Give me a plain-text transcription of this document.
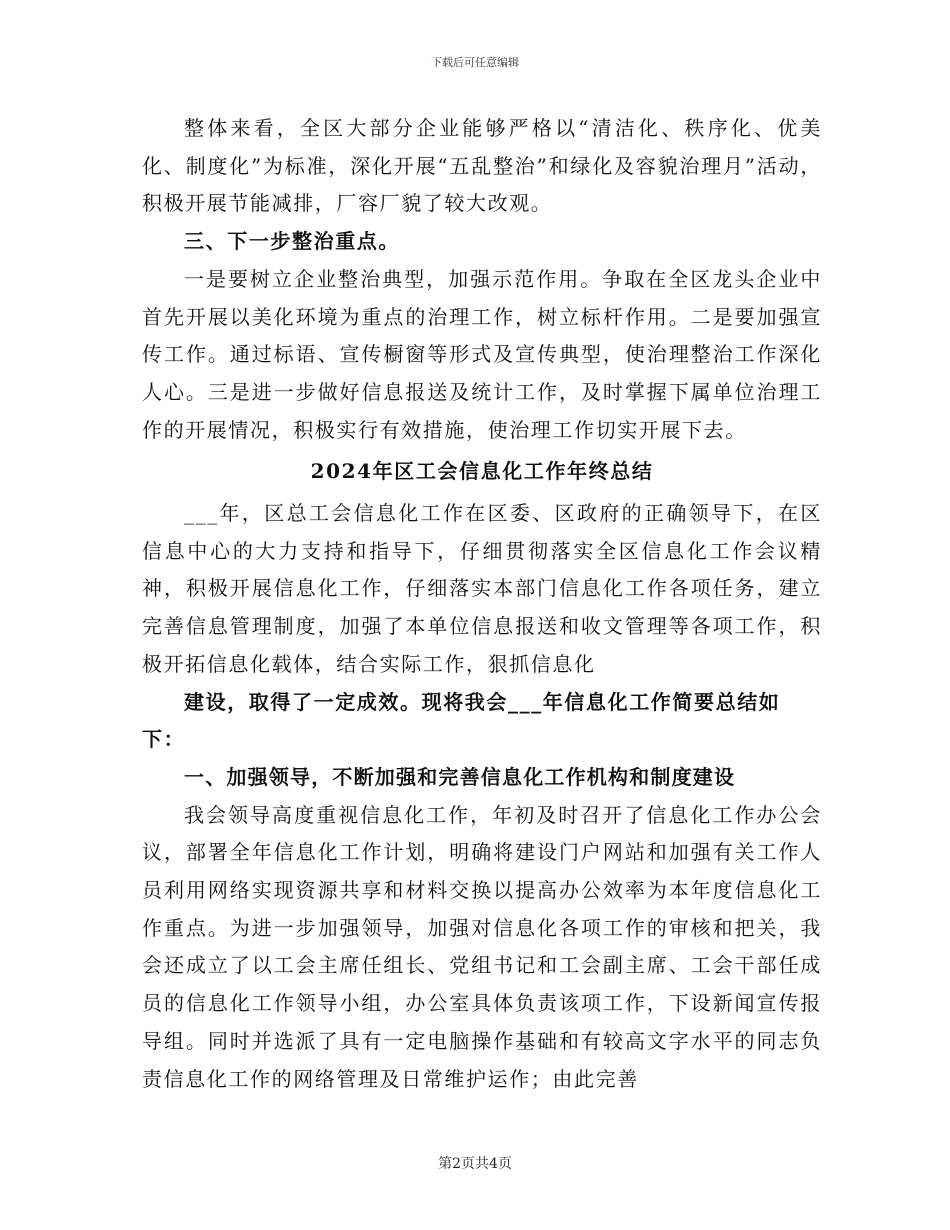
下载后可任意编辑

整体来看，全区大部分企业能够严格以“清洁化、秩序化、优美化、制度化”为标准，深化开展“五乱整治”和绿化及容貌治理月”活动，积极开展节能减排，厂容厂貌了较大改观。

三、下一步整治重点。

一是要树立企业整治典型，加强示范作用。争取在全区龙头企业中首先开展以美化环境为重点的治理工作，树立标杆作用。二是要加强宣传工作。通过标语、宣传橱窗等形式及宣传典型，使治理整治工作深化人心。三是进一步做好信息报送及统计工作，及时掌握下属单位治理工作的开展情况，积极实行有效措施，使治理工作切实开展下去。

2024年区工会信息化工作年终总结

___年，区总工会信息化工作在区委、区政府的正确领导下，在区信息中心的大力支持和指导下，仔细贯彻落实全区信息化工作会议精神，积极开展信息化工作，仔细落实本部门信息化工作各项任务，建立完善信息管理制度，加强了本单位信息报送和收文管理等各项工作，积极开拓信息化载体，结合实际工作，狠抓信息化

建设，取得了一定成效。现将我会___年信息化工作简要总结如下：

一、加强领导，不断加强和完善信息化工作机构和制度建设

我会领导高度重视信息化工作，年初及时召开了信息化工作办公会议，部署全年信息化工作计划，明确将建设门户网站和加强有关工作人员利用网络实现资源共享和材料交换以提高办公效率为本年度信息化工作重点。为进一步加强领导，加强对信息化各项工作的审核和把关，我会还成立了以工会主席任组长、党组书记和工会副主席、工会干部任成员的信息化工作领导小组，办公室具体负责该项工作，下设新闻宣传报导组。同时并选派了具有一定电脑操作基础和有较高文字水平的同志负责信息化工作的网络管理及日常维护运作；由此完善

第2页共4页
